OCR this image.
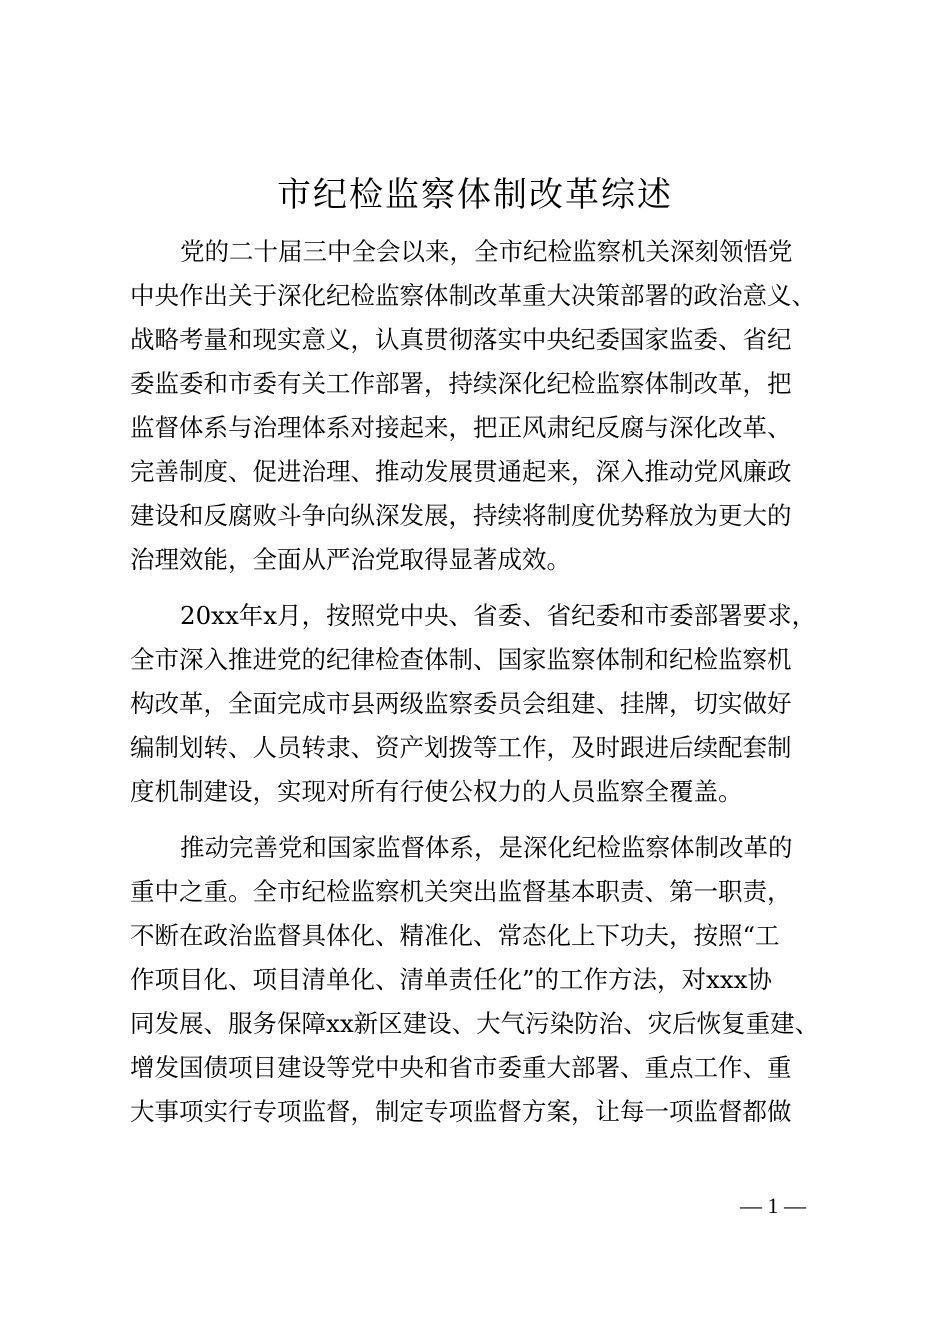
市纪检监察体制改革综述
党的二十届三中全会以来，全市纪检监察机关深刻领悟党
中央作出关于深化纪检监察体制改革重大决策部署的政治意义、
战略考量和现实意义，认真贯彻落实中央纪委国家监委、省纪
委监委和市委有关工作部署，持续深化纪检监察体制改革，把
监督体系与治理体系对接起来，把正风肃纪反腐与深化改革、
完善制度、促进治理、推动发展贯通起来，深入推动党风廉政
建设和反腐败斗争向纵深发展，持续将制度优势释放为更大的
治理效能，全面从严治党取得显著成效。
20xx年x月，按照党中央、省委、省纪委和市委部署要求，
全市深入推进党的纪律检查体制、国家监察体制和纪检监察机
构改革，全面完成市县两级监察委员会组建、挂牌，切实做好
编制划转、人员转隶、资产划拨等工作，及时跟进后续配套制
度机制建设，实现对所有行使公权力的人员监察全覆盖。
推动完善党和国家监督体系，是深化纪检监察体制改革的
重中之重。全市纪检监察机关突出监督基本职责、第一职责，
不断在政治监督具体化、精准化、常态化上下功夫，按照“工
作项目化、项目清单化、清单责任化”的工作方法，对xxx协
同发展、服务保障xx新区建设、大气污染防治、灾后恢复重建、
增发国债项目建设等党中央和省市委重大部署、重点工作、重
大事项实行专项监督，制定专项监督方案，让每一项监督都做
— 1 —
